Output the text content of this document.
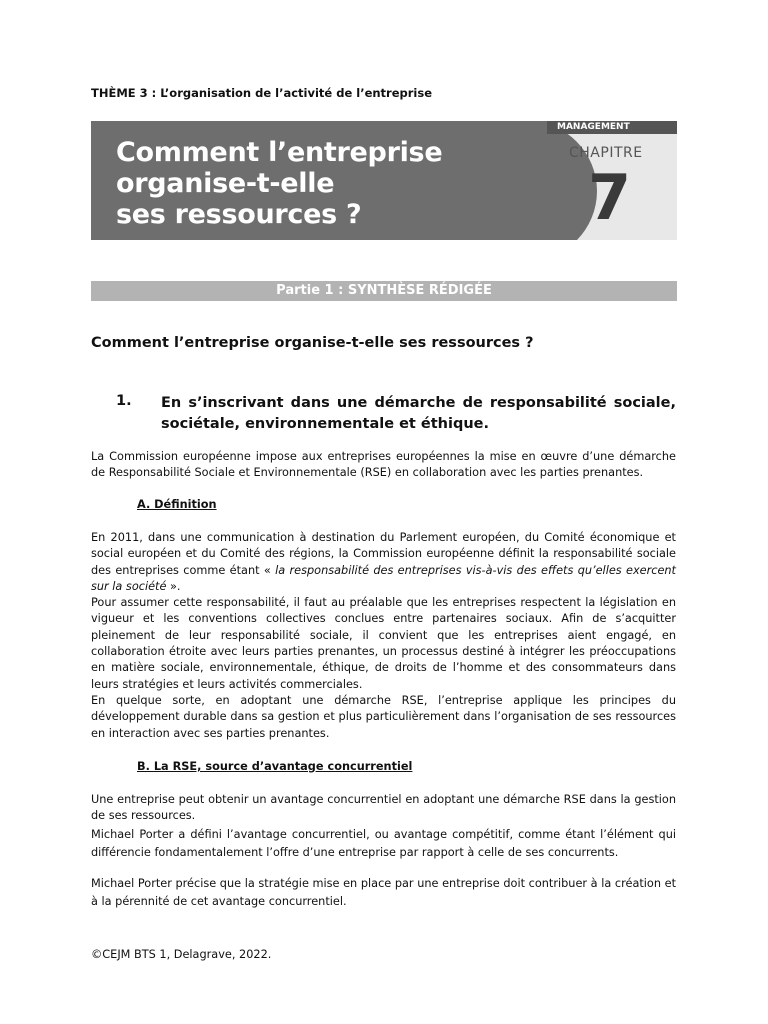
THÈME 3 : L’organisation de l’activité de l’entreprise
Comment l’entreprise
organise-t-elle
ses ressources ?
MANAGEMENT
CHAPITRE
7
Partie 1 : SYNTHÈSE RÉDIGÉE
Comment l’entreprise organise-t-elle ses ressources ?
1. En s’inscrivant dans une démarche de responsabilité sociale, sociétale, environnementale et éthique.

La Commission européenne impose aux entreprises européennes la mise en œuvre d’une démarche de Responsabilité Sociale et Environnementale (RSE) en collaboration avec les parties prenantes.

A. Définition

En 2011, dans une communication à destination du Parlement européen, du Comité économique et social européen et du Comité des régions, la Commission européenne définit la responsabilité sociale des entreprises comme étant « la responsabilité des entreprises vis-à-vis des effets qu’elles exercent sur la société ».

Pour assumer cette responsabilité, il faut au préalable que les entreprises respectent la législation en vigueur et les conventions collectives conclues entre partenaires sociaux. Afin de s’acquitter pleinement de leur responsabilité sociale, il convient que les entreprises aient engagé, en collaboration étroite avec leurs parties prenantes, un processus destiné à intégrer les préoccupations en matière sociale, environnementale, éthique, de droits de l’homme et des consommateurs dans leurs stratégies et leurs activités commerciales.

En quelque sorte, en adoptant une démarche RSE, l’entreprise applique les principes du développement durable dans sa gestion et plus particulièrement dans l’organisation de ses ressources en interaction avec ses parties prenantes.

B. La RSE, source d’avantage concurrentiel

Une entreprise peut obtenir un avantage concurrentiel en adoptant une démarche RSE dans la gestion de ses ressources.

Michael Porter a défini l’avantage concurrentiel, ou avantage compétitif, comme étant l’élément qui différencie fondamentalement l’offre d’une entreprise par rapport à celle de ses concurrents.

Michael Porter précise que la stratégie mise en place par une entreprise doit contribuer à la création et à la pérennité de cet avantage concurrentiel.

©CEJM BTS 1, Delagrave, 2022.
